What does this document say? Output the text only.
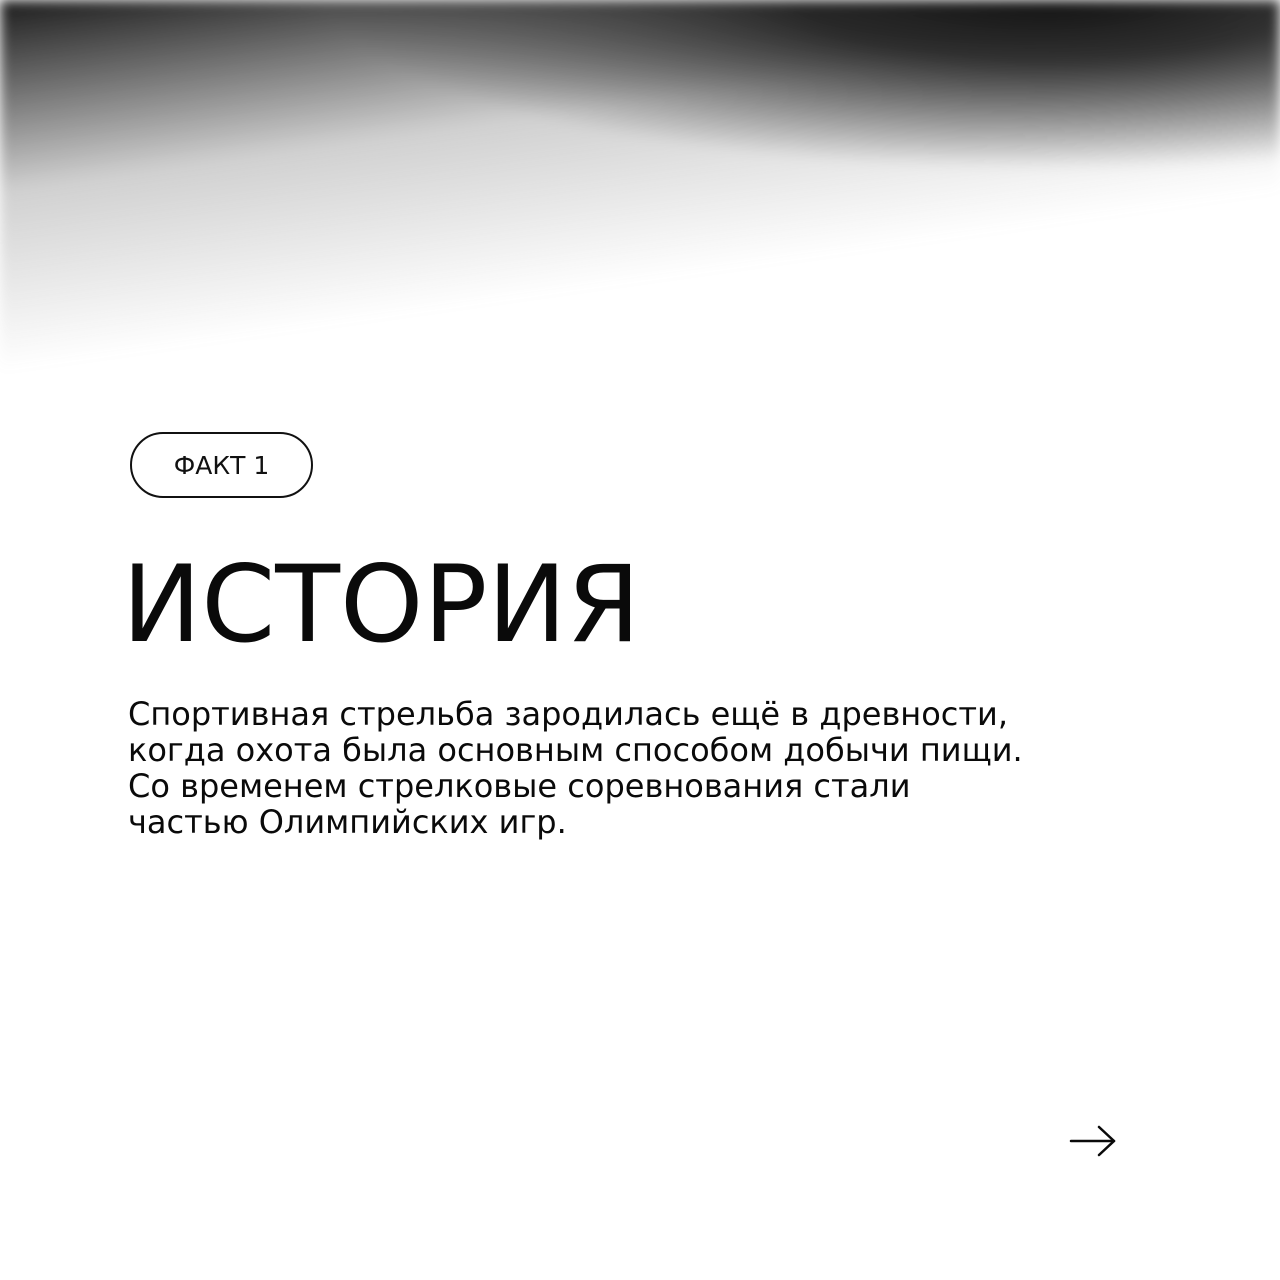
ФАКТ 1
ИСТОРИЯ
Спортивная стрельба зародилась ещё в древности,
когда охота была основным способом добычи пищи.
Со временем стрелковые соревнования стали
частью Олимпийских игр.
